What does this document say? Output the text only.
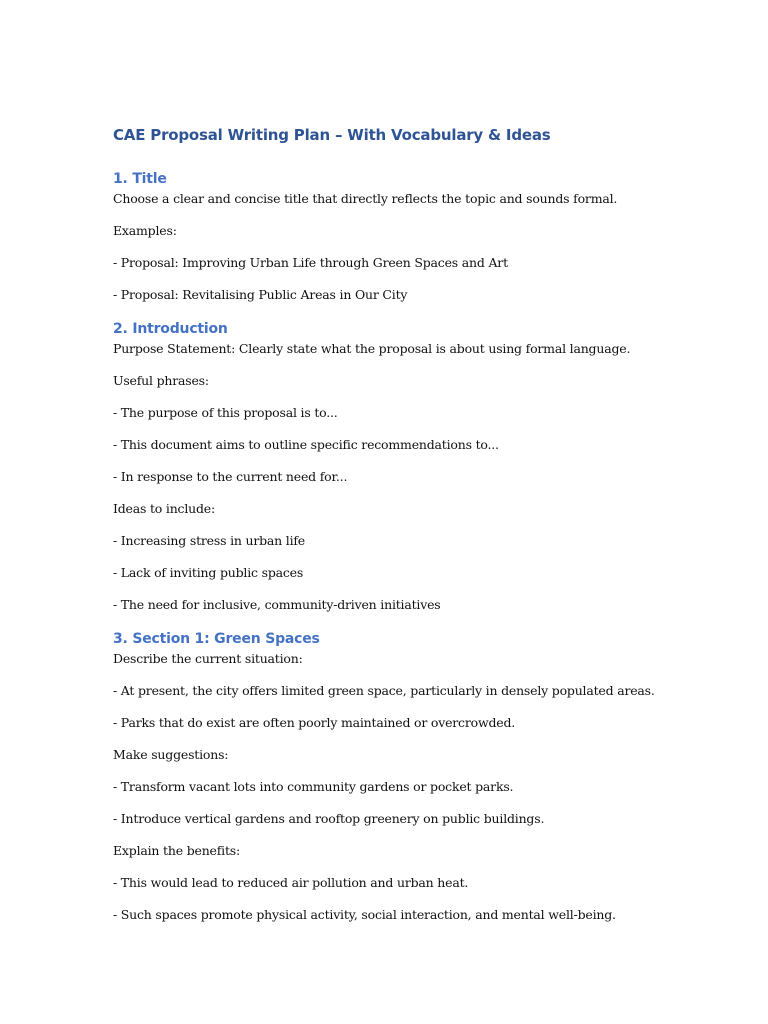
CAE Proposal Writing Plan – With Vocabulary & Ideas
1. Title

Choose a clear and concise title that directly reflects the topic and sounds formal.

Examples:

- Proposal: Improving Urban Life through Green Spaces and Art

- Proposal: Revitalising Public Areas in Our City

2. Introduction

Purpose Statement: Clearly state what the proposal is about using formal language.

Useful phrases:

- The purpose of this proposal is to...

- This document aims to outline specific recommendations to...

- In response to the current need for...

Ideas to include:

- Increasing stress in urban life

- Lack of inviting public spaces

- The need for inclusive, community-driven initiatives

3. Section 1: Green Spaces

Describe the current situation:

- At present, the city offers limited green space, particularly in densely populated areas.

- Parks that do exist are often poorly maintained or overcrowded.

Make suggestions:

- Transform vacant lots into community gardens or pocket parks.

- Introduce vertical gardens and rooftop greenery on public buildings.

Explain the benefits:

- This would lead to reduced air pollution and urban heat.

- Such spaces promote physical activity, social interaction, and mental well-being.
